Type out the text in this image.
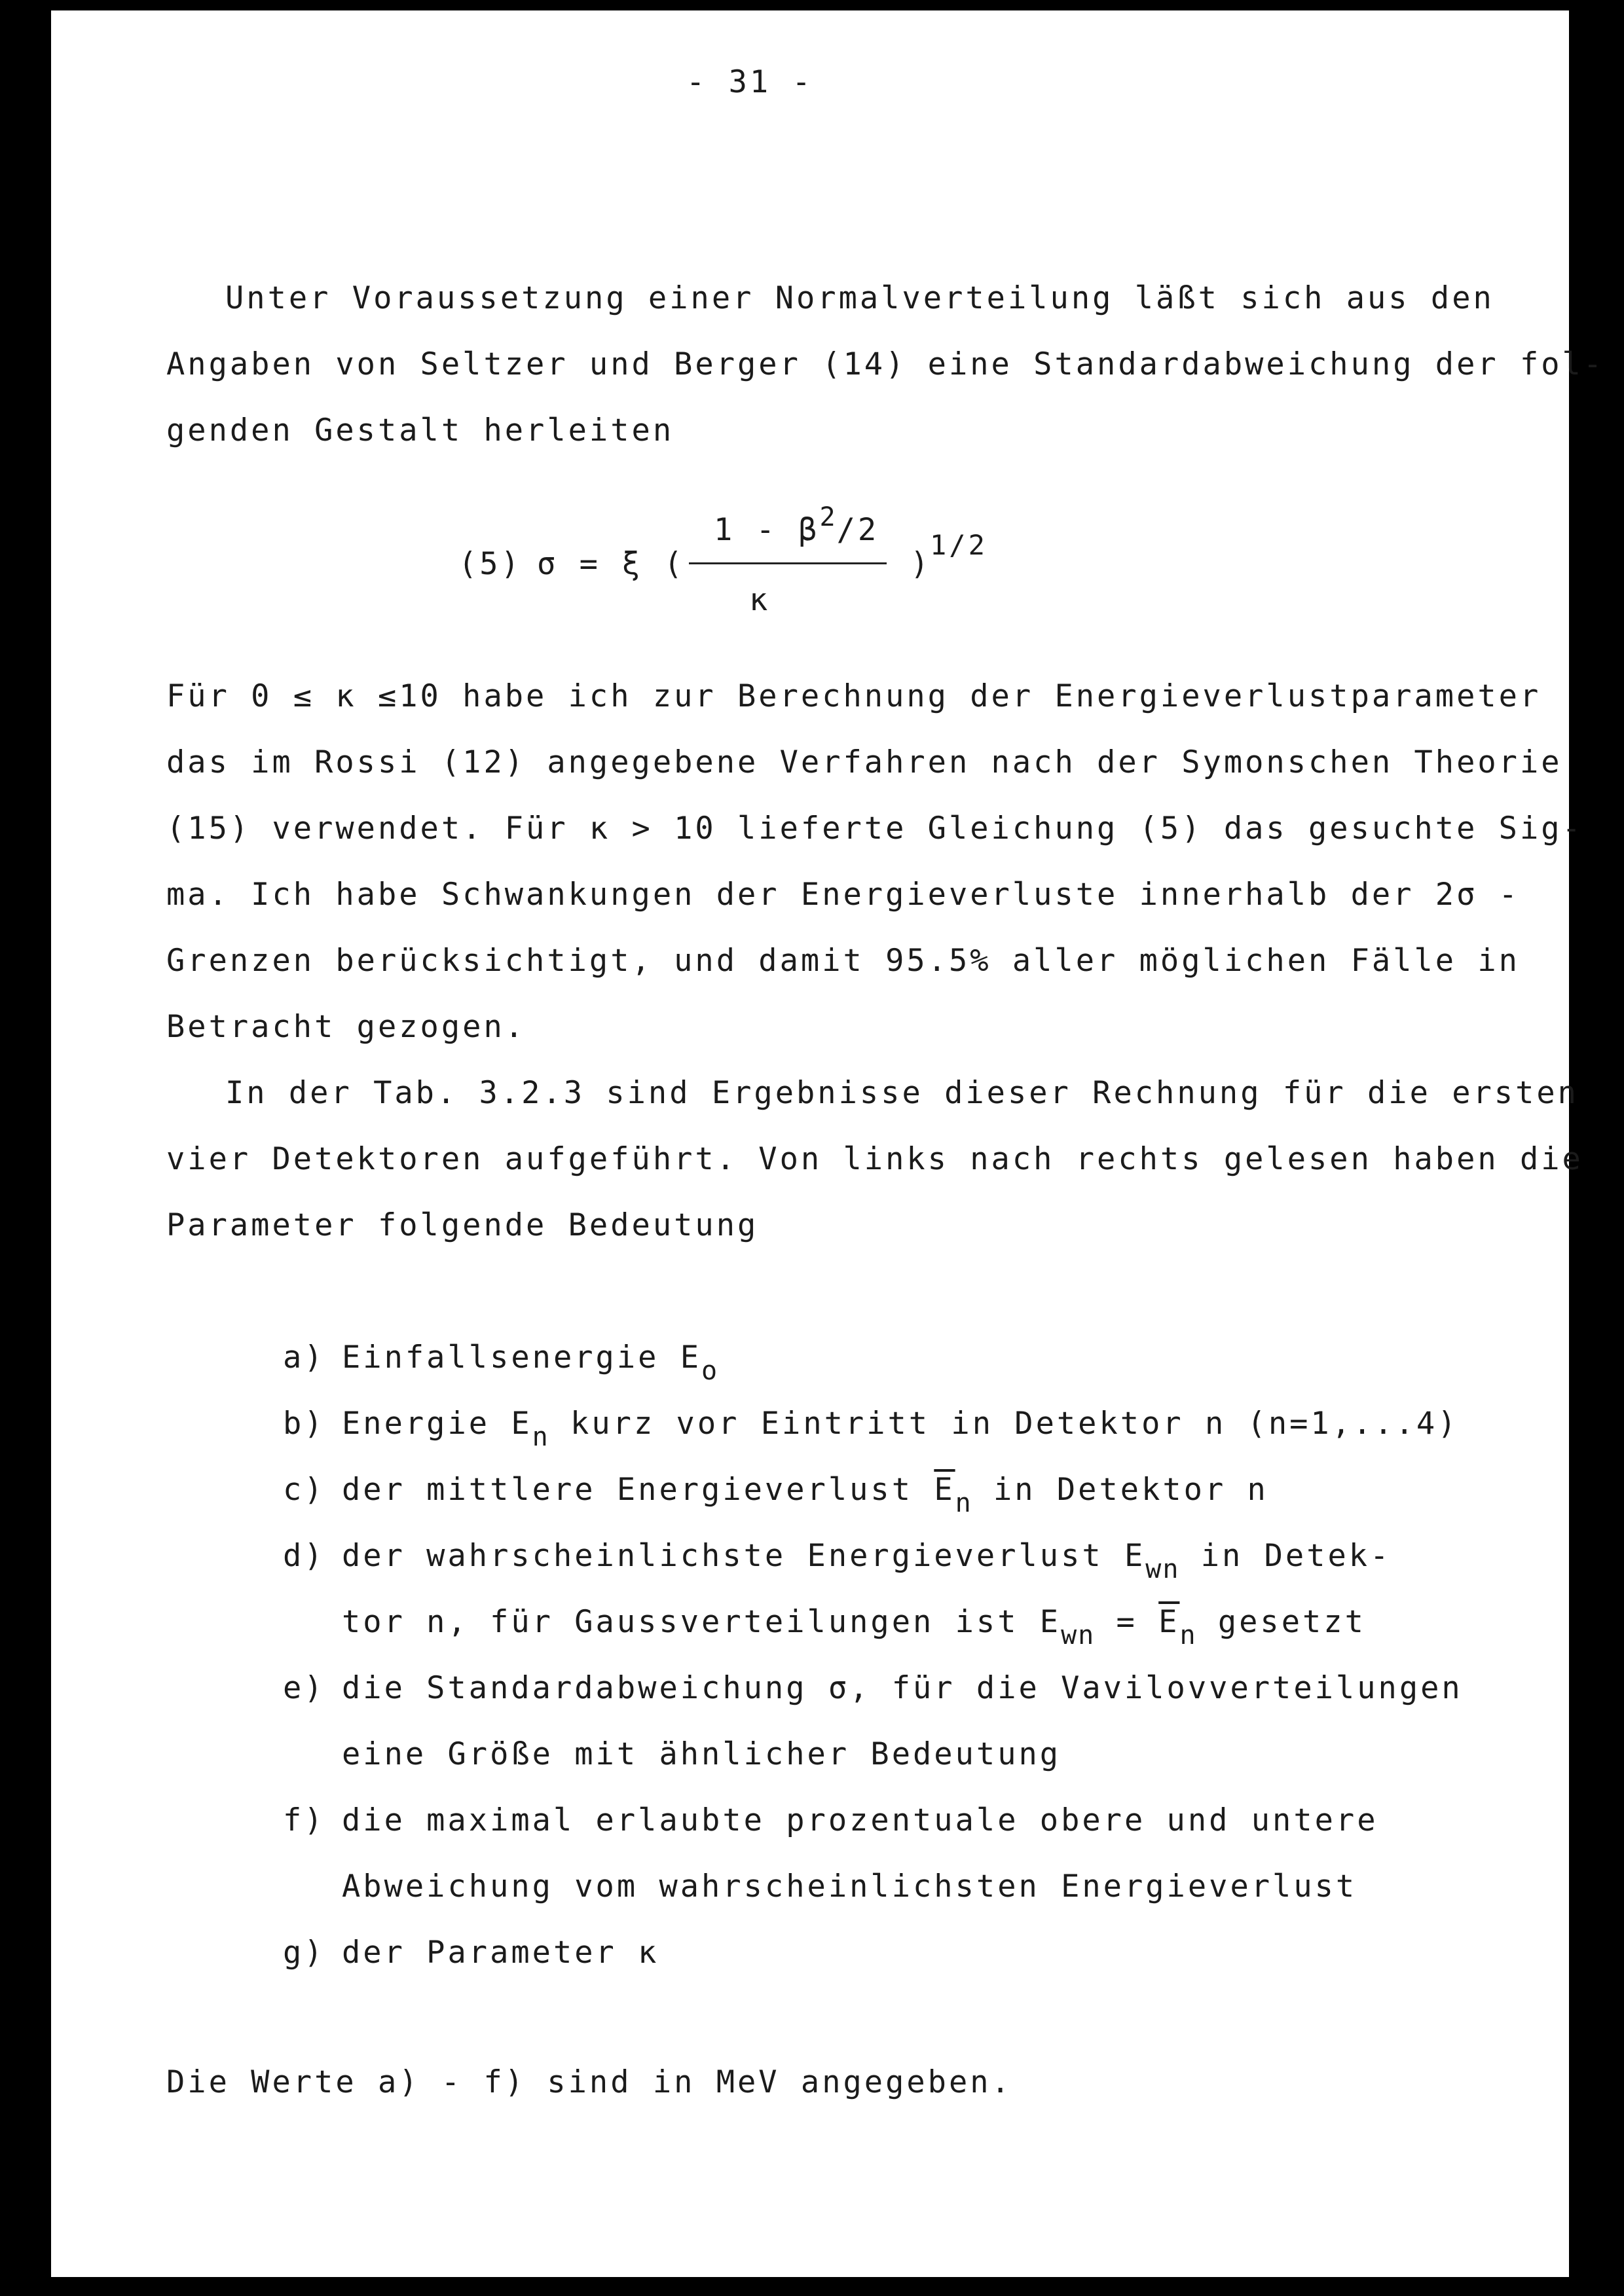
- 31 -
Unter Voraussetzung einer Normalverteilung läßt sich aus den
Angaben von Seltzer und Berger (14) eine Standardabweichung der fol-
genden Gestalt herleiten
(5) σ = ξ (
1 - β2/2
κ
)
1/2
Für 0 ≤ κ ≤10 habe ich zur Berechnung der Energieverlustparameter
das im Rossi (12) angegebene Verfahren nach der Symonschen Theorie
(15) verwendet. Für κ > 10 lieferte Gleichung (5) das gesuchte Sig-
ma. Ich habe Schwankungen der Energieverluste innerhalb der 2σ -
Grenzen berücksichtigt, und damit 95.5% aller möglichen Fälle in
Betracht gezogen.
In der Tab. 3.2.3 sind Ergebnisse dieser Rechnung für die ersten
vier Detektoren aufgeführt. Von links nach rechts gelesen haben die
Parameter folgende Bedeutung
a) Einfallsenergie Eo
b) Energie En kurz vor Eintritt in Detektor n (n=1,...4)
c) der mittlere Energieverlust $\overline{E}n$ in Detektor n
d) der wahrscheinlichste Energieverlust Ewn in Detek-
tor n, für Gaussverteilungen ist Ewn = $\overline{E}n$ gesetzt
e) die Standardabweichung σ, für die Vavilovverteilungen
eine Größe mit ähnlicher Bedeutung
f) die maximal erlaubte prozentuale obere und untere
Abweichung vom wahrscheinlichsten Energieverlust
g) der Parameter κ
Die Werte a) - f) sind in MeV angegeben.
